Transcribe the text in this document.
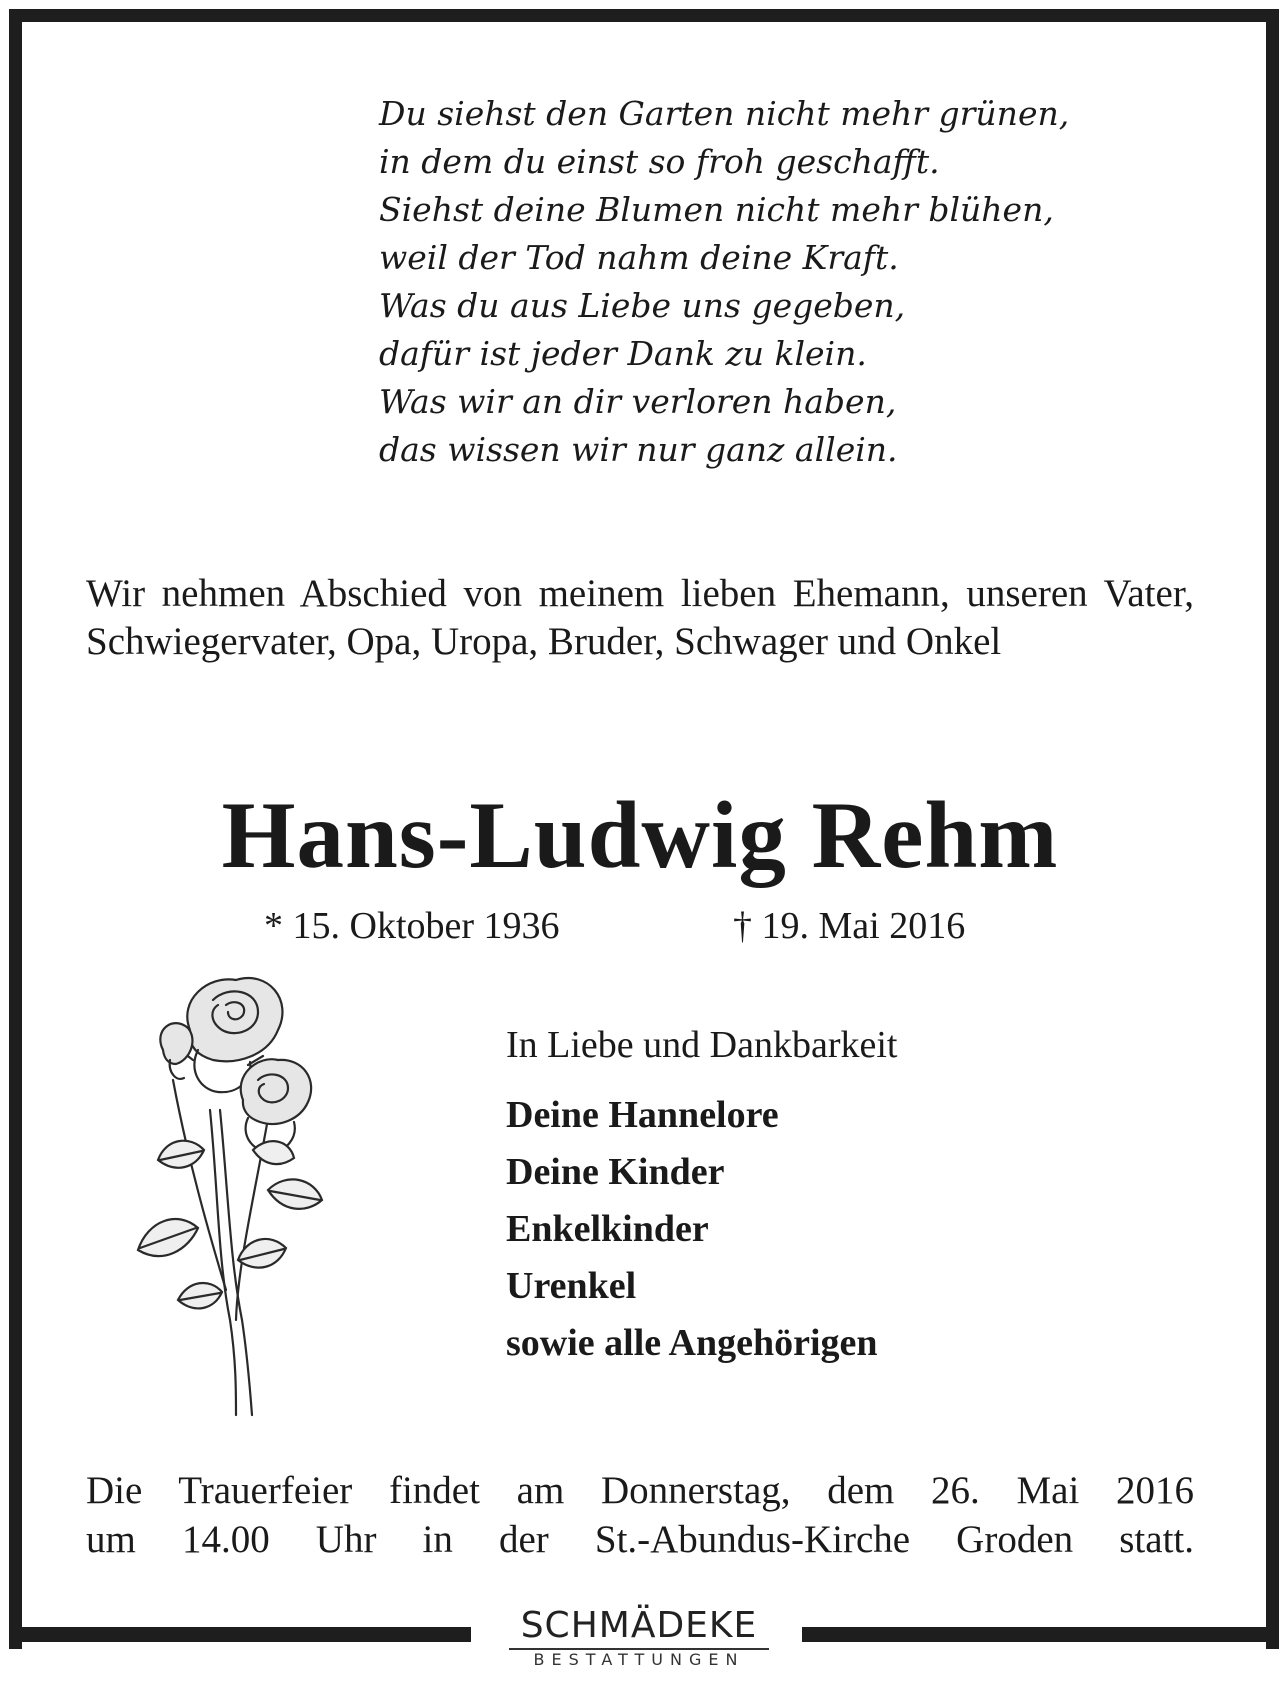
Du siehst den Garten nicht mehr grünen,
in dem du einst so froh geschafft.
Siehst deine Blumen nicht mehr blühen,
weil der Tod nahm deine Kraft.
Was du aus Liebe uns gegeben,
dafür ist jeder Dank zu klein.
Was wir an dir verloren haben,
das wissen wir nur ganz allein.

Wir nehmen Abschied von meinem lieben Ehemann, unseren Vater, Schwiegervater, Opa, Uropa, Bruder, Schwager und Onkel

Hans-Ludwig Rehm
* 15. Oktober 1936	† 19. Mai 2016

In Liebe und Dankbarkeit

Deine Hannelore
Deine Kinder
Enkelkinder
Urenkel
sowie alle Angehörigen

Die Trauerfeier findet am Donnerstag, dem 26. Mai 2016
um 14.00 Uhr in der St.-Abundus-Kirche Groden statt.

SCHMÄDEKE
BESTATTUNGEN
